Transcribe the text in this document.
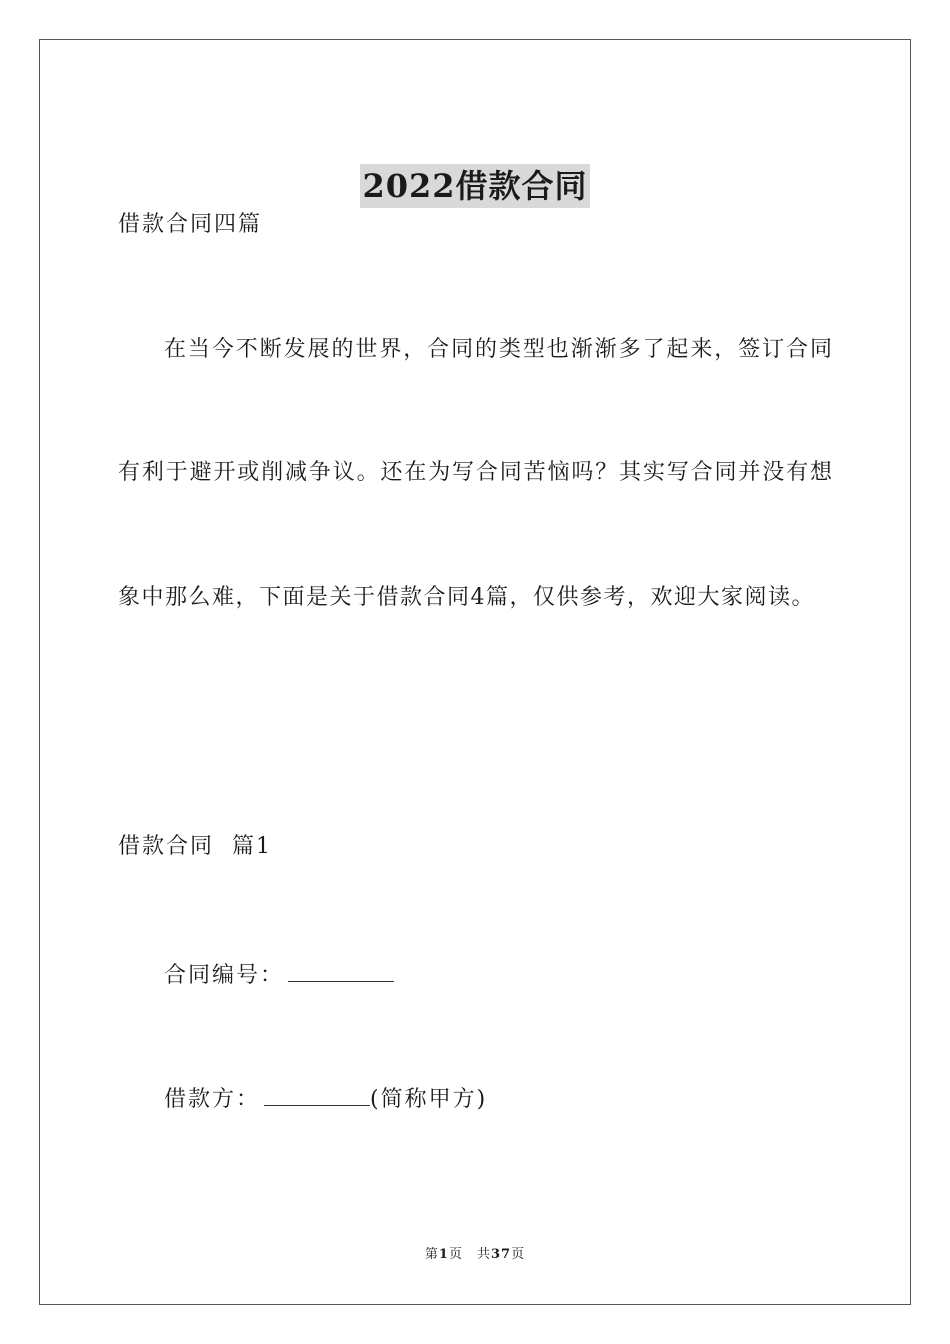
2022借款合同
借款合同四篇
在当今不断发展的世界，合同的类型也渐渐多了起来，签订合同
有利于避开或削减争议。还在为写合同苦恼吗？其实写合同并没有想
象中那么难，下面是关于借款合同4篇，仅供参考，欢迎大家阅读。
借款合同  篇1
合同编号：
借款方：	(简称甲方)
第1页 共37页
